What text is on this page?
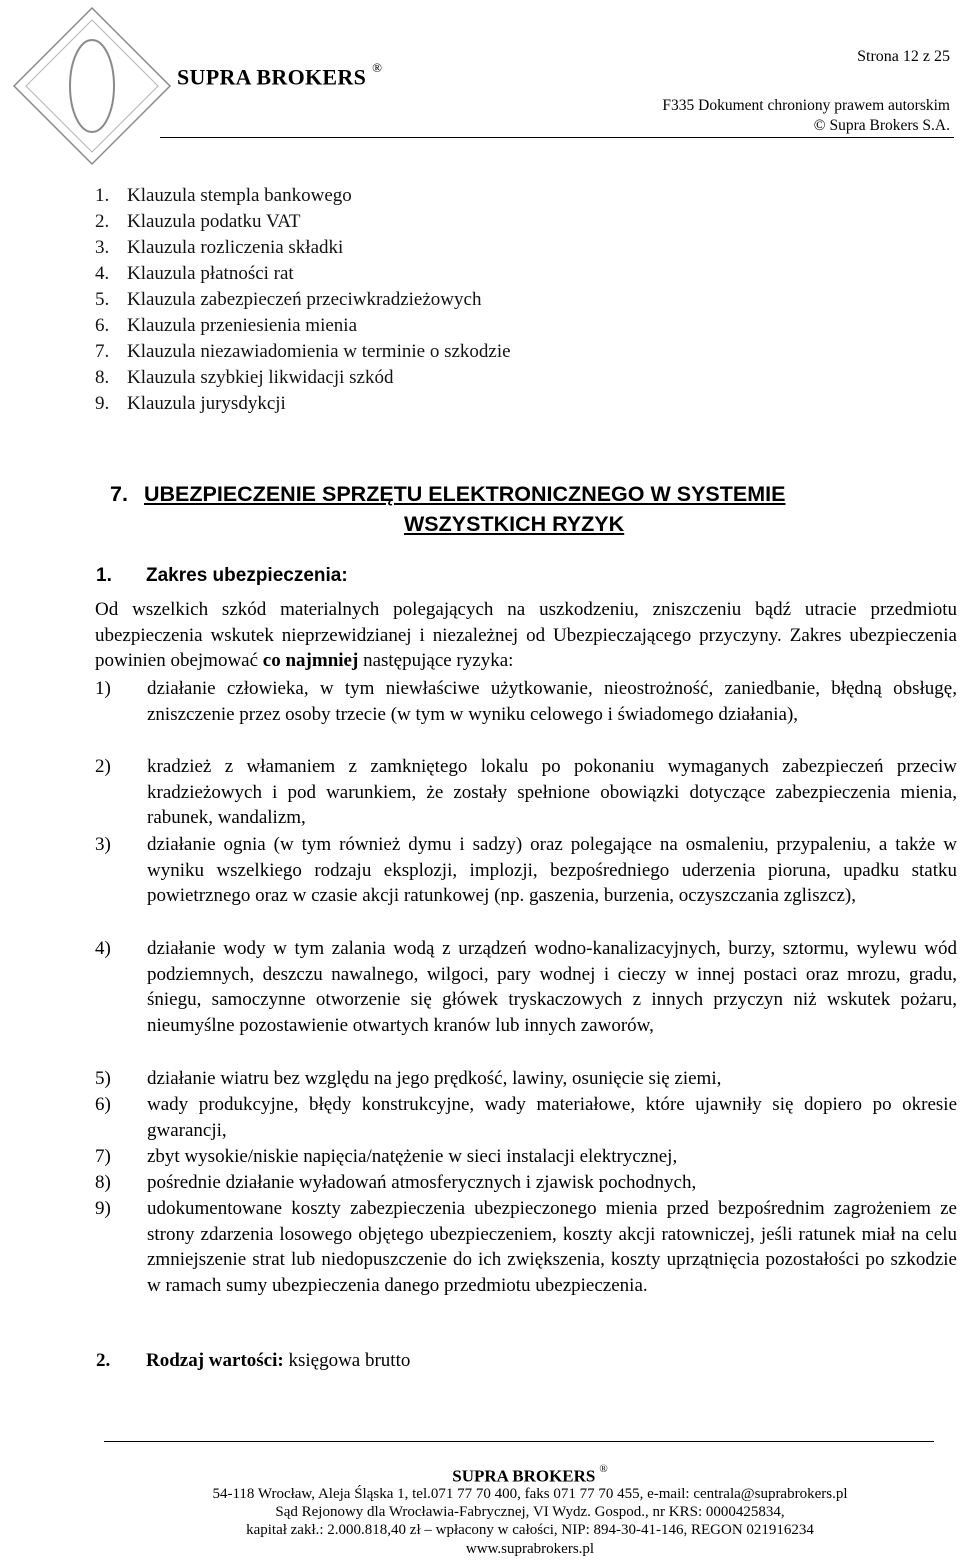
SUPRA BROKERS ®
Strona 12 z 25
F335 Dokument chroniony prawem autorskim
© Supra Brokers S.A.
1. Klauzula stempla bankowego
2. Klauzula podatku VAT
3. Klauzula rozliczenia składki
4. Klauzula płatności rat
5. Klauzula zabezpieczeń przeciwkradzieżowych
6. Klauzula przeniesienia mienia
7. Klauzula niezawiadomienia w terminie o szkodzie
8. Klauzula szybkiej likwidacji szkód
9. Klauzula jurysdykcji
7. UBEZPIECZENIE SPRZĘTU ELEKTRONICZNEGO W SYSTEMIE
WSZYSTKICH RYZYK
1. Zakres ubezpieczenia:
Od wszelkich szkód materialnych polegających na uszkodzeniu, zniszczeniu bądź utracie przedmiotu ubezpieczenia wskutek nieprzewidzianej i niezależnej od Ubezpieczającego przyczyny. Zakres ubezpieczenia powinien obejmować co najmniej następujące ryzyka:
1) działanie człowieka, w tym niewłaściwe użytkowanie, nieostrożność, zaniedbanie, błędną obsługę, zniszczenie przez osoby trzecie (w tym w wyniku celowego i świadomego działania),
2) kradzież z włamaniem z zamkniętego lokalu po pokonaniu wymaganych zabezpieczeń przeciw kradzieżowych i pod warunkiem, że zostały spełnione obowiązki dotyczące zabezpieczenia mienia, rabunek, wandalizm,
3) działanie ognia (w tym również dymu i sadzy) oraz polegające na osmaleniu, przypaleniu, a także w wyniku wszelkiego rodzaju eksplozji, implozji, bezpośredniego uderzenia pioruna, upadku statku powietrznego oraz w czasie akcji ratunkowej (np. gaszenia, burzenia, oczyszczania zgliszcz),
4) działanie wody w tym zalania wodą z urządzeń wodno-kanalizacyjnych, burzy, sztormu, wylewu wód podziemnych, deszczu nawalnego, wilgoci, pary wodnej i cieczy w innej postaci oraz mrozu, gradu, śniegu, samoczynne otworzenie się główek tryskaczowych z innych przyczyn niż wskutek pożaru, nieumyślne pozostawienie otwartych kranów lub innych zaworów,
5) działanie wiatru bez względu na jego prędkość, lawiny, osunięcie się ziemi,
6) wady produkcyjne, błędy konstrukcyjne, wady materiałowe, które ujawniły się dopiero po okresie gwarancji,
7) zbyt wysokie/niskie napięcia/natężenie w sieci instalacji elektrycznej,
8) pośrednie działanie wyładowań atmosferycznych i zjawisk pochodnych,
9) udokumentowane koszty zabezpieczenia ubezpieczonego mienia przed bezpośrednim zagrożeniem ze strony zdarzenia losowego objętego ubezpieczeniem, koszty akcji ratowniczej, jeśli ratunek miał na celu zmniejszenie strat lub niedopuszczenie do ich zwiększenia, koszty uprzątnięcia pozostałości po szkodzie w ramach sumy ubezpieczenia danego przedmiotu ubezpieczenia.
2. Rodzaj wartości: księgowa brutto
SUPRA BROKERS ®
54-118 Wrocław, Aleja Śląska 1, tel.071 77 70 400, faks 071 77 70 455, e-mail: centrala@suprabrokers.pl
Sąd Rejonowy dla Wrocławia-Fabrycznej, VI Wydz. Gospod., nr KRS: 0000425834,
kapitał zakł.: 2.000.818,40 zł – wpłacony w całości, NIP: 894-30-41-146, REGON 021916234
www.suprabrokers.pl
